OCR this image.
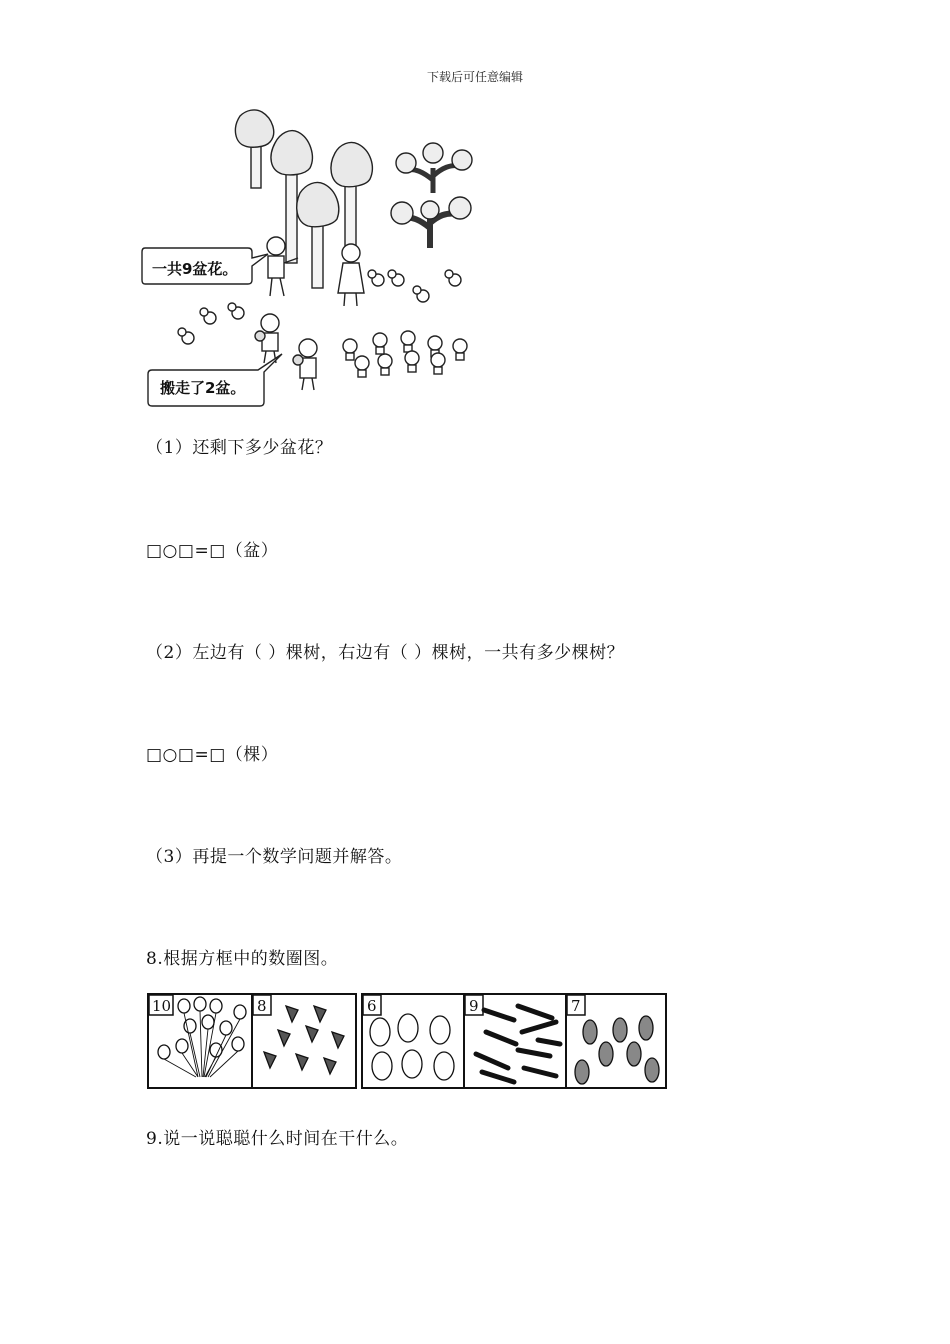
下载后可任意编辑
一共9盆花。
搬走了2盆。
（1）还剩下多少盆花？
□○□=□（盆）
（2）左边有（ ）棵树，右边有（ ）棵树，一共有多少棵树？
□○□=□（棵）
（3）再提一个数学问题并解答。
8.根据方框中的数圈图。
10	8	6	9	7
9.说一说聪聪什么时间在干什么。
